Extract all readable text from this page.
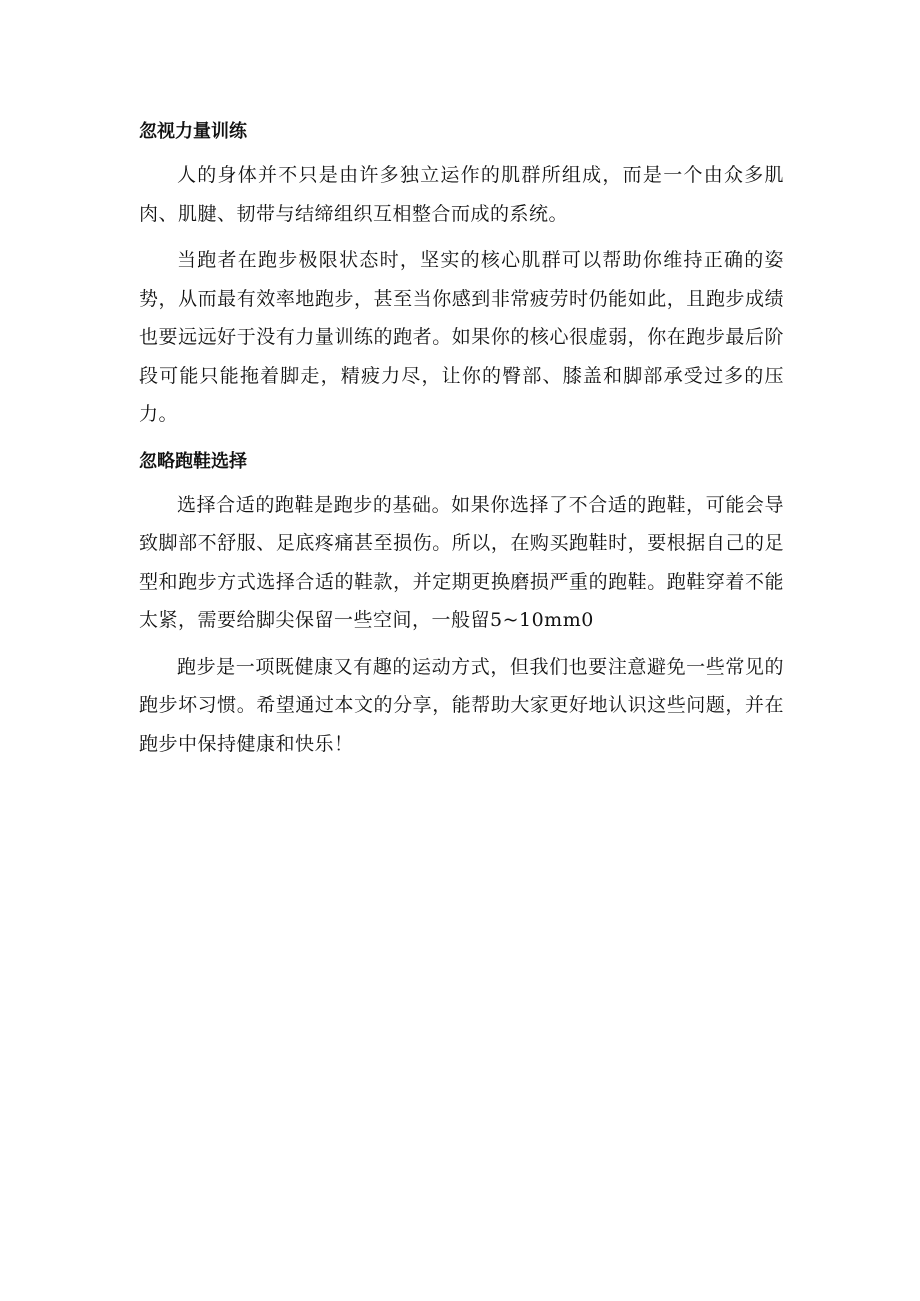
忽视力量训练

人的身体并不只是由许多独立运作的肌群所组成，而是一个由众多肌肉、肌腱、韧带与结缔组织互相整合而成的系统。

当跑者在跑步极限状态时，坚实的核心肌群可以帮助你维持正确的姿势，从而最有效率地跑步，甚至当你感到非常疲劳时仍能如此，且跑步成绩也要远远好于没有力量训练的跑者。如果你的核心很虚弱，你在跑步最后阶段可能只能拖着脚走，精疲力尽，让你的臀部、膝盖和脚部承受过多的压力。

忽略跑鞋选择

选择合适的跑鞋是跑步的基础。如果你选择了不合适的跑鞋，可能会导致脚部不舒服、足底疼痛甚至损伤。所以，在购买跑鞋时，要根据自己的足型和跑步方式选择合适的鞋款，并定期更换磨损严重的跑鞋。跑鞋穿着不能太紧，需要给脚尖保留一些空间，一般留5~10mm0

跑步是一项既健康又有趣的运动方式，但我们也要注意避免一些常见的跑步坏习惯。希望通过本文的分享，能帮助大家更好地认识这些问题，并在跑步中保持健康和快乐！
